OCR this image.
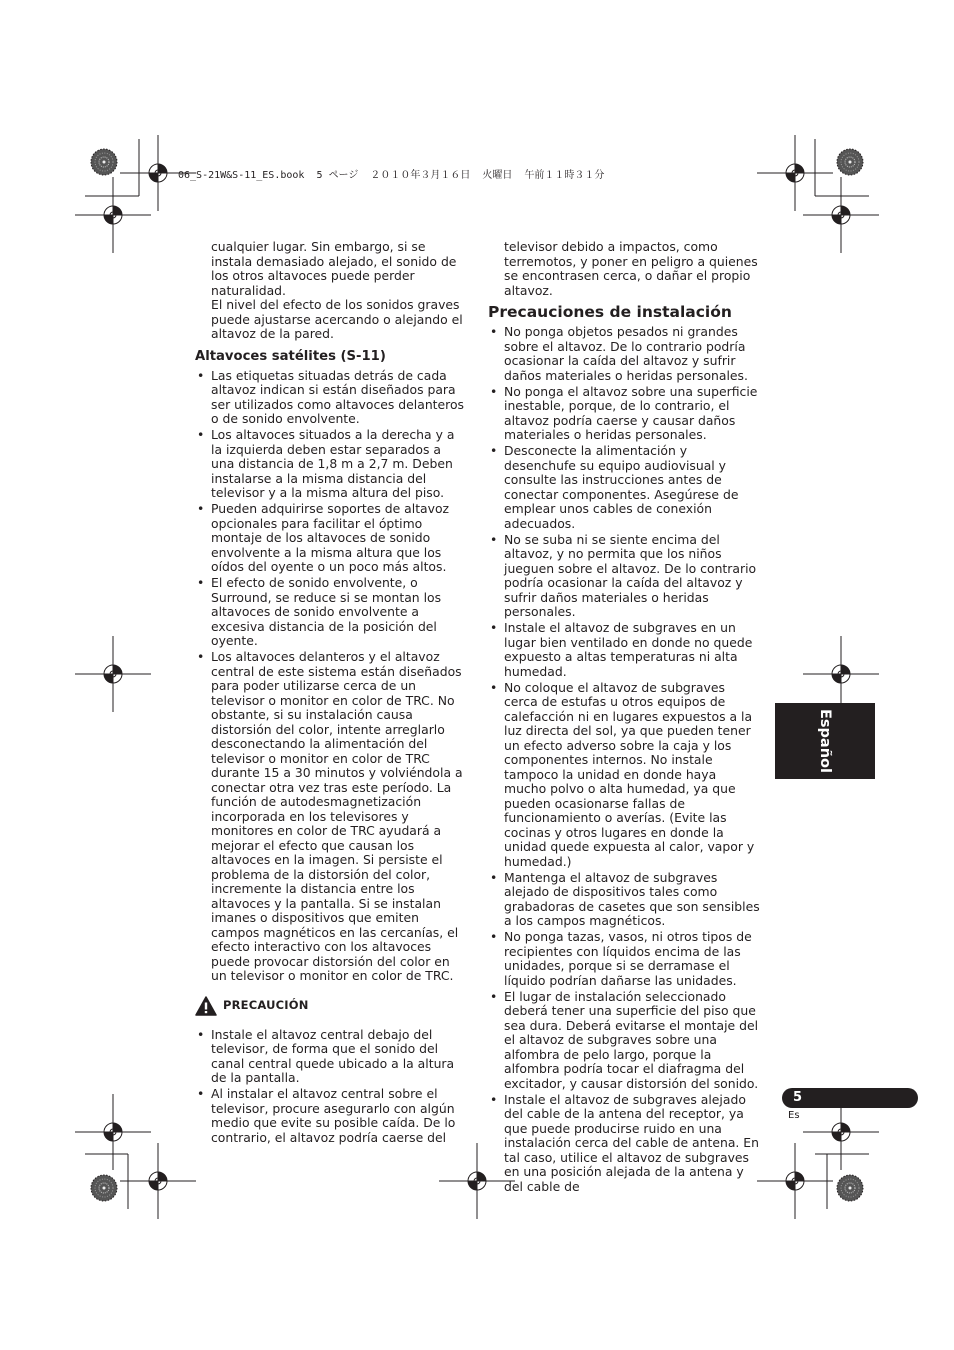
06_S-21W&S-11_ES.book  5 ページ  ２０１０年３月１６日  火曜日  午前１１時３１分

cualquier lugar. Sin embargo, si se instala demasiado alejado, el sonido de los otros altavoces puede perder naturalidad.

El nivel del efecto de los sonidos graves puede ajustarse acercando o alejando el altavoz de la pared.

Altavoces satélites (S-11)
• Las etiquetas situadas detrás de cada altavoz indican si están diseñados para ser utilizados como altavoces delanteros o de sonido envolvente.
• Los altavoces situados a la derecha y a la izquierda deben estar separados a una distancia de 1,8 m a 2,7 m. Deben instalarse a la misma distancia del televisor y a la misma altura del piso.
• Pueden adquirirse soportes de altavoz opcionales para facilitar el óptimo montaje de los altavoces de sonido envolvente a la misma altura que los oídos del oyente o un poco más altos.
• El efecto de sonido envolvente, o Surround, se reduce si se montan los altavoces de sonido envolvente a excesiva distancia de la posición del oyente.
• Los altavoces delanteros y el altavoz central de este sistema están diseñados para poder utilizarse cerca de un televisor o monitor en color de TRC. No obstante, si su instalación causa distorsión del color, intente arreglarlo desconectando la alimentación del televisor o monitor en color de TRC durante 15 a 30 minutos y volviéndola a conectar otra vez tras este período. La función de autodesmagnetización incorporada en los televisores y monitores en color de TRC ayudará a mejorar el efecto que causan los altavoces en la imagen. Si persiste el problema de la distorsión del color, incremente la distancia entre los altavoces y la pantalla. Si se instalan imanes o dispositivos que emiten campos magnéticos en las cercanías, el efecto interactivo con los altavoces puede provocar distorsión del color en un televisor o monitor en color de TRC.
PRECAUCIÓN
• Instale el altavoz central debajo del televisor, de forma que el sonido del canal central quede ubicado a la altura de la pantalla.
• Al instalar el altavoz central sobre el televisor, procure asegurarlo con algún medio que evite su posible caída. De lo contrario, el altavoz podría caerse del

televisor debido a impactos, como terremotos, y poner en peligro a quienes se encontrasen cerca, o dañar el propio altavoz.

Precauciones de instalación
• No ponga objetos pesados ni grandes sobre el altavoz. De lo contrario podría ocasionar la caída del altavoz y sufrir daños materiales o heridas personales.
• No ponga el altavoz sobre una superficie inestable, porque, de lo contrario, el altavoz podría caerse y causar daños materiales o heridas personales.
• Desconecte la alimentación y desenchufe su equipo audiovisual y consulte las instrucciones antes de conectar componentes. Asegúrese de emplear unos cables de conexión adecuados.
• No se suba ni se siente encima del altavoz, y no permita que los niños jueguen sobre el altavoz. De lo contrario podría ocasionar la caída del altavoz y sufrir daños materiales o heridas personales.
• Instale el altavoz de subgraves en un lugar bien ventilado en donde no quede expuesto a altas temperaturas ni alta humedad.
• No coloque el altavoz de subgraves cerca de estufas u otros equipos de calefacción ni en lugares expuestos a la luz directa del sol, ya que pueden tener un efecto adverso sobre la caja y los componentes internos. No instale tampoco la unidad en donde haya mucho polvo o alta humedad, ya que pueden ocasionarse fallas de funcionamiento o averías. (Evite las cocinas y otros lugares en donde la unidad quede expuesta al calor, vapor y humedad.)
• Mantenga el altavoz de subgraves alejado de dispositivos tales como grabadoras de casetes que son sensibles a los campos magnéticos.
• No ponga tazas, vasos, ni otros tipos de recipientes con líquidos encima de las unidades, porque si se derramase el líquido podrían dañarse las unidades.
• El lugar de instalación seleccionado deberá tener una superficie del piso que sea dura. Deberá evitarse el montaje del el altavoz de subgraves sobre una alfombra de pelo largo, porque la alfombra podría tocar el diafragma del excitador, y causar distorsión del sonido.
• Instale el altavoz de subgraves alejado del cable de la antena del receptor, ya que puede producirse ruido en una instalación cerca del cable de antena. En tal caso, utilice el altavoz de subgraves en una posición alejada de la antena y del cable de
Español
5
Es
